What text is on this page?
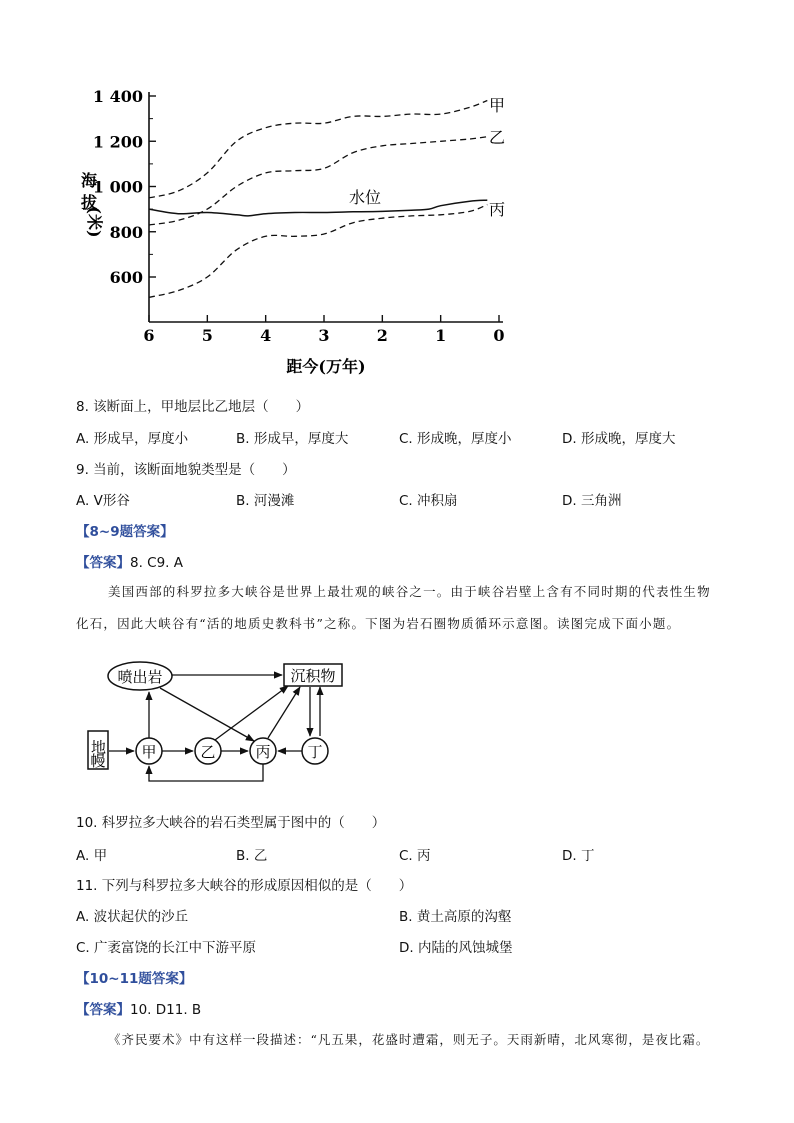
1 400
1 200
1 000
800
600
6	5	4	3	2	1	0
甲
乙
水位
丙
海拔
距今(万年)
(米)
8. 该断面上，甲地层比乙地层（　　）
A. 形成早，厚度小	B. 形成早，厚度大	C. 形成晚，厚度小	D. 形成晚，厚度大
9. 当前，该断面地貌类型是（　　）
A. V形谷	B. 河漫滩	C. 冲积扇	D. 三角洲
【8~9题答案】
【答案】8. C9. A
美国西部的科罗拉多大峡谷是世界上最壮观的峡谷之一。由于峡谷岩壁上含有不同时期的代表性生物
化石，因此大峡谷有“活的地质史教科书”之称。下图为岩石圈物质循环示意图。读图完成下面小题。
喷出岩	沉积物
地
幔 甲	乙	丙 丁
10. 科罗拉多大峡谷的岩石类型属于图中的（　　）
A. 甲	B. 乙	C. 丙	D. 丁
11. 下列与科罗拉多大峡谷的形成原因相似的是（　　）
A. 波状起伏的沙丘	B. 黄土高原的沟壑
C. 广袤富饶的长江中下游平原	D. 内陆的风蚀城堡
【10~11题答案】
【答案】10. D11. B
《齐民要术》中有这样一段描述：“凡五果，花盛时遭霜，则无子。天雨新晴，北风寒彻，是夜比霜。
